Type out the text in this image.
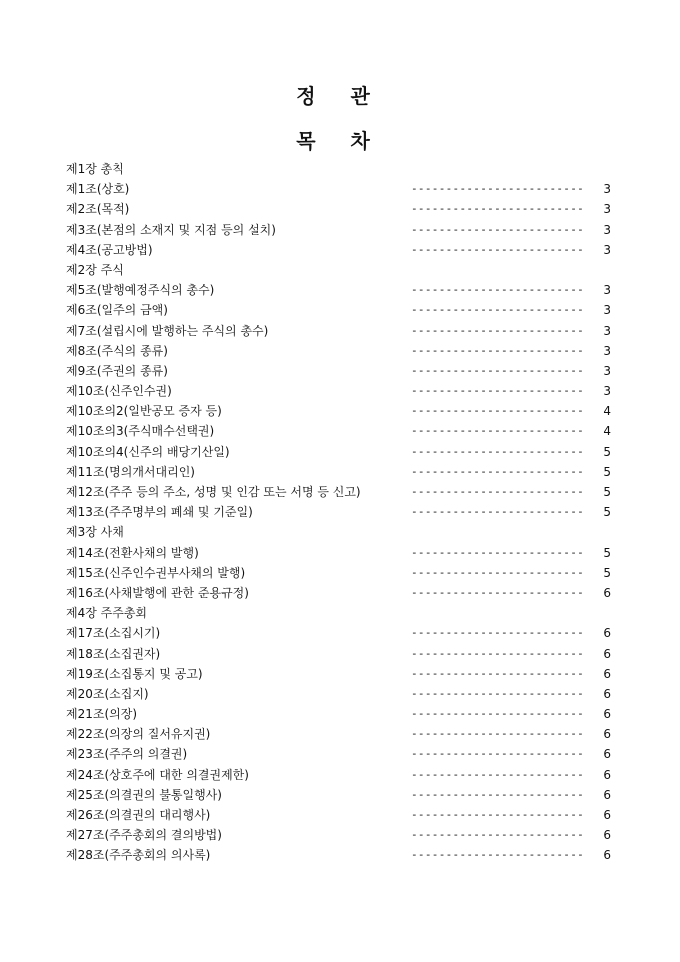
정 관
목 차
제1장 총칙
제1조(상호)	-------------------------	3
제2조(목적)	-------------------------	3
제3조(본점의 소재지 및 지점 등의 설치)	-------------------------	3
제4조(공고방법)	-------------------------	3
제2장 주식
제5조(발행예정주식의 총수)	-------------------------	3
제6조(일주의 금액)	-------------------------	3
제7조(설립시에 발행하는 주식의 총수)	-------------------------	3
제8조(주식의 종류)	-------------------------	3
제9조(주권의 종류)	-------------------------	3
제10조(신주인수권)	-------------------------	3
제10조의2(일반공모 증자 등)	-------------------------	4
제10조의3(주식매수선택권)	-------------------------	4
제10조의4(신주의 배당기산일)	-------------------------	5
제11조(명의개서대리인)	-------------------------	5
제12조(주주 등의 주소, 성명 및 인감 또는 서명 등 신고)	-------------------------	5
제13조(주주명부의 폐쇄 및 기준일)	-------------------------	5
제3장 사채
제14조(전환사채의 발행)	-------------------------	5
제15조(신주인수권부사채의 발행)	-------------------------	5
제16조(사채발행에 관한 준용규정)	-------------------------	6
제4장 주주총회
제17조(소집시기)	-------------------------	6
제18조(소집권자)	-------------------------	6
제19조(소집통지 및 공고)	-------------------------	6
제20조(소집지)	-------------------------	6
제21조(의장)	-------------------------	6
제22조(의장의 질서유지권)	-------------------------	6
제23조(주주의 의결권)	-------------------------	6
제24조(상호주에 대한 의결권제한)	-------------------------	6
제25조(의결권의 불통일행사)	-------------------------	6
제26조(의결권의 대리행사)	-------------------------	6
제27조(주주총회의 결의방법)	-------------------------	6
제28조(주주총회의 의사록)	-------------------------	6
